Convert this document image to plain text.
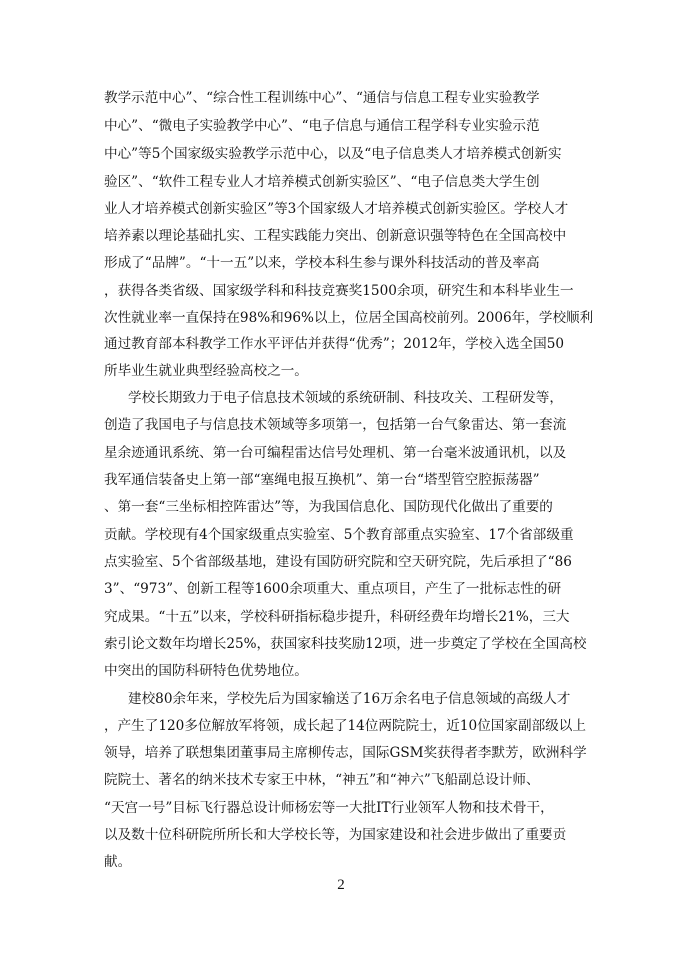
教学示范中心”、“综合性工程训练中心”、“通信与信息工程专业实验教学
中心”、“微电子实验教学中心”、“电子信息与通信工程学科专业实验示范
中心”等5个国家级实验教学示范中心，以及“电子信息类人才培养模式创新实
验区”、“软件工程专业人才培养模式创新实验区”、“电子信息类大学生创
业人才培养模式创新实验区”等3个国家级人才培养模式创新实验区。学校人才
培养素以理论基础扎实、工程实践能力突出、创新意识强等特色在全国高校中
形成了“品牌”。“十一五”以来，学校本科生参与课外科技活动的普及率高
，获得各类省级、国家级学科和科技竞赛奖1500余项，研究生和本科毕业生一
次性就业率一直保持在98%和96%以上，位居全国高校前列。2006年，学校顺利
通过教育部本科教学工作水平评估并获得“优秀”；2012年，学校入选全国50
所毕业生就业典型经验高校之一。
学校长期致力于电子信息技术领域的系统研制、科技攻关、工程研发等，
创造了我国电子与信息技术领域等多项第一，包括第一台气象雷达、第一套流
星余迹通讯系统、第一台可编程雷达信号处理机、第一台毫米波通讯机，以及
我军通信装备史上第一部“塞绳电报互换机”、第一台“塔型管空腔振荡器”
、第一套“三坐标相控阵雷达”等，为我国信息化、国防现代化做出了重要的
贡献。学校现有4个国家级重点实验室、5个教育部重点实验室、17个省部级重
点实验室、5个省部级基地，建设有国防研究院和空天研究院，先后承担了“86
3”、“973”、创新工程等1600余项重大、重点项目，产生了一批标志性的研
究成果。“十五”以来，学校科研指标稳步提升，科研经费年均增长21%，三大
索引论文数年均增长25%，获国家科技奖励12项，进一步奠定了学校在全国高校
中突出的国防科研特色优势地位。
建校80余年来，学校先后为国家输送了16万余名电子信息领域的高级人才
，产生了120多位解放军将领，成长起了14位两院院士，近10位国家副部级以上
领导，培养了联想集团董事局主席柳传志，国际GSM奖获得者李默芳，欧洲科学
院院士、著名的纳米技术专家王中林，“神五”和“神六”飞船副总设计师、
“天宫一号”目标飞行器总设计师杨宏等一大批IT行业领军人物和技术骨干，
以及数十位科研院所所长和大学校长等，为国家建设和社会进步做出了重要贡
献。
2
